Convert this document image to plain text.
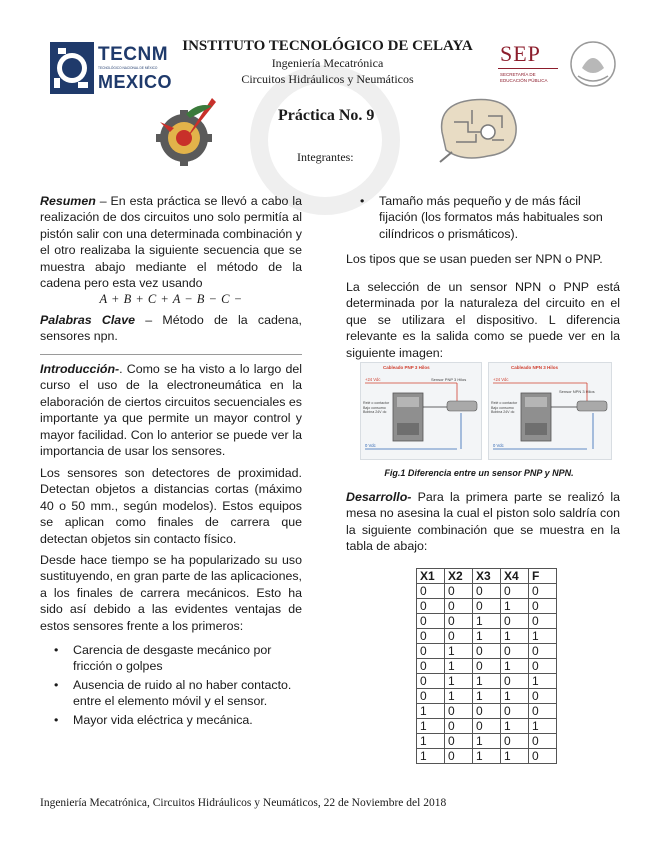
TECNM
TECNOLÓGICO NACIONAL DE MÉXICO
MEXICO
SEP
SECRETARÍA DE
EDUCACIÓN PÚBLICA
INSTITUTO TECNOLÓGICO DE CELAYA
Ingeniería Mecatrónica
Circuitos Hidráulicos y Neumáticos
Práctica No. 9
Integrantes:

Resumen – En esta práctica se llevó a cabo la realización de dos circuitos uno solo permitía al pistón salir con una determinada combinación y el otro realizaba la siguiente secuencia que se muestra abajo mediante el método de la cadena pero esta vez usando

A + B + C + A − B − C −

Palabras Clave – Método de la cadena, sensores npn.

Introducción-. Como se ha visto a lo largo del curso el uso de la electroneumática en la elaboración de ciertos circuitos secuenciales es importante ya que permite un mayor control y mayor facilidad. Con lo anterior se puede ver la importancia de usar los sensores.

Los sensores son detectores de proximidad. Detectan objetos a distancias cortas (máximo 40 o 50 mm., según modelos). Estos equipos se aplican como finales de carrera que detectan objetos sin contacto físico.

Desde hace tiempo se ha popularizado su uso sustituyendo, en gran parte de las aplicaciones, a los finales de carrera mecánicos. Esto ha sido así debido a las evidentes ventajas de estos sensores frente a los primeros:

• Carencia de desgaste mecánico por fricción o golpes
• Ausencia de ruido al no haber contacto. entre el elemento móvil y el sensor.
• Mayor vida eléctrica y mecánica.
• Tamaño más pequeño y de más fácil fijación (los formatos más habituales son cilíndricos o prismáticos).

Los tipos que se usan pueden ser NPN o PNP.

La selección de un sensor NPN o PNP está determinada por la naturaleza del circuito en el que se utilizara el dispositivo. L diferencia relevante es la salida como se puede ver en la siguiente imagen:

Cableado PNP 3 Hilos
+24 Vdc
0 Vdc
Sensor PNP 3 Hilos
Relé o contactor Bajo consumo Bobina 24V dc
Cableado NPN 3 Hilos
+24 Vdc
0 Vdc
Sensor NPN 3 Hilos
Relé o contactor Bajo consumo Bobina 24V dc
Fig.1 Diferencia entre un sensor PNP y NPN.

Desarrollo- Para la primera parte se realizó la mesa no asesina la cual el piston solo saldría con la siguiente combinación que se muestra en la tabla de abajo:

X1	X2	X3	X4	F
0	0	0	0	0
0	0	0	1	0
0	0	1	0	0
0	0	1	1	1
0	1	0	0	0
0	1	0	1	0
0	1	1	0	1
0	1	1	1	0
1	0	0	0	0
1	0	0	1	1
1	0	1	0	0
1	0	1	1	0
Ingeniería Mecatrónica, Circuitos Hidráulicos y Neumáticos, 22 de Noviembre del 2018
